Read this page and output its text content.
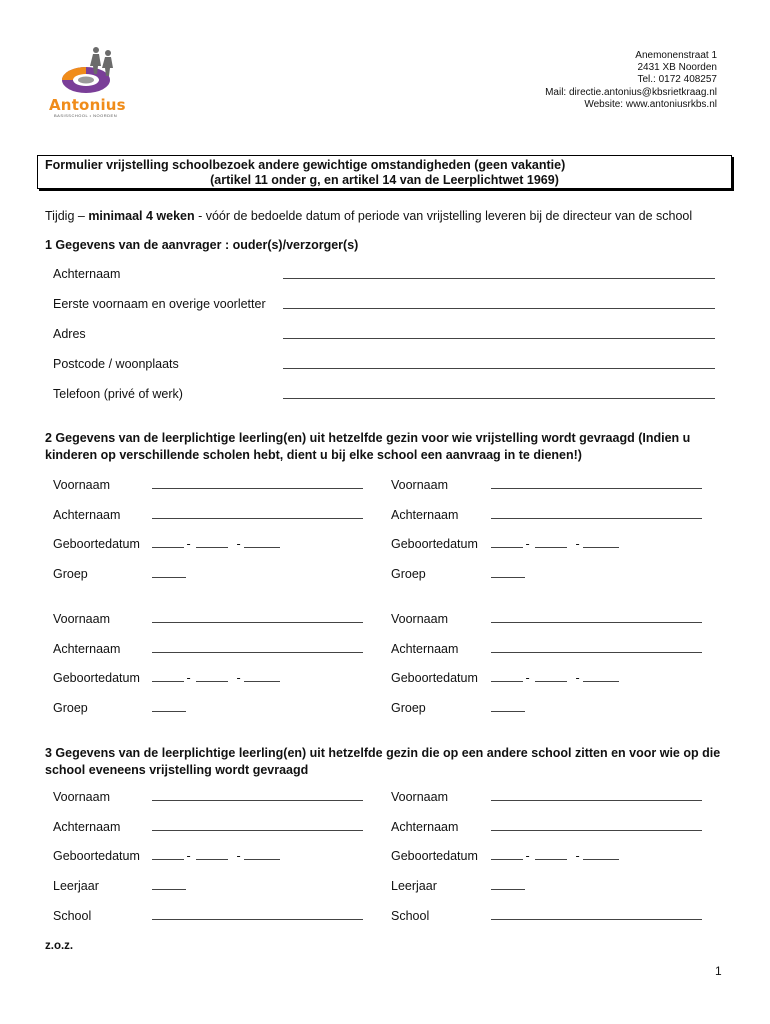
Antonius
BASISSCHOOL • NOORDEN
Anemonenstraat 1
2431 XB Noorden
Tel.: 0172 408257
Mail: directie.antonius@kbsrietkraag.nl
Website: www.antoniusrkbs.nl
Formulier vrijstelling schoolbezoek andere gewichtige omstandigheden (geen vakantie)
(artikel 11 onder g, en artikel 14 van de Leerplichtwet 1969)
Tijdig – minimaal 4 weken - vóór de bedoelde datum of periode van vrijstelling leveren bij de directeur van de school
1 Gegevens van de aanvrager : ouder(s)/verzorger(s)
Achternaam
Eerste voornaam en overige voorletter
Adres
Postcode / woonplaats
Telefoon (privé of werk)
2 Gegevens van de leerplichtige leerling(en) uit hetzelfde gezin voor wie vrijstelling wordt gevraagd (Indien u kinderen op verschillende scholen hebt, dient u bij elke school een aanvraag in te dienen!)
Voornaam	Voornaam
Achternaam	Achternaam
Geboortedatum	-	-	Geboortedatum	-	-
Groep	Groep
Voornaam	Voornaam
Achternaam	Achternaam
Geboortedatum	-	-	Geboortedatum	-	-
Groep	Groep
3 Gegevens van de leerplichtige leerling(en) uit hetzelfde gezin die op een andere school zitten en voor wie op die school eveneens vrijstelling wordt gevraagd
Voornaam	Voornaam
Achternaam	Achternaam
Geboortedatum	-	-	Geboortedatum	-	-
Leerjaar	Leerjaar
School	School
z.o.z.
1
